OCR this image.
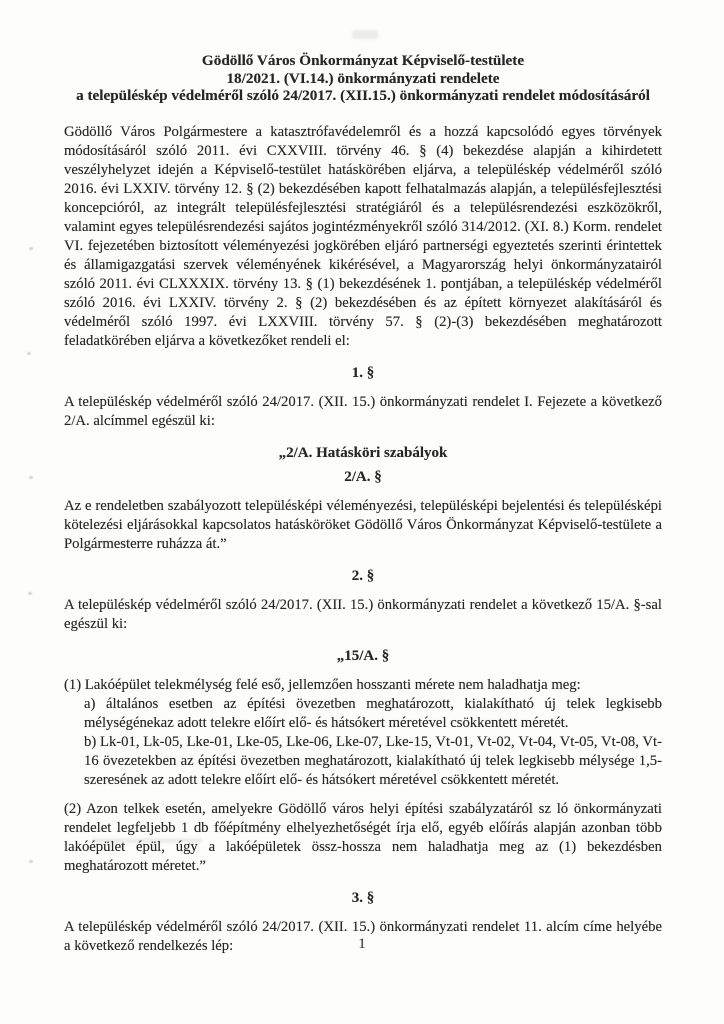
Gödöllő Város Önkormányzat Képviselő-testülete
18/2021. (VI.14.) önkormányzati rendelete
a településkép védelméről szóló 24/2017. (XII.15.) önkormányzati rendelet módosításáról

Gödöllő Város Polgármestere a katasztrófavédelemről és a hozzá kapcsolódó egyes törvények módosításáról szóló 2011. évi CXXVIII. törvény 46. § (4) bekezdése alapján a kihirdetett veszélyhelyzet idején a Képviselő-testület hatáskörében eljárva, a településkép védelméről szóló 2016. évi LXXIV. törvény 12. § (2) bekezdésében kapott felhatalmazás alapján, a településfejlesztési koncepcióról, az integrált településfejlesztési stratégiáról és a településrendezési eszközökről, valamint egyes településrendezési sajátos jogintézményekről szóló 314/2012. (XI. 8.) Korm. rendelet VI. fejezetében biztosított véleményezési jogkörében eljáró partnerségi egyeztetés szerinti érintettek és államigazgatási szervek véleményének kikérésével, a Magyarország helyi önkormányzatairól szóló 2011. évi CLXXXIX. törvény 13. § (1) bekezdésének 1. pontjában, a településkép védelméről szóló 2016. évi LXXIV. törvény 2. § (2) bekezdésében és az épített környezet alakításáról és védelméről szóló 1997. évi LXXVIII. törvény 57. § (2)-(3) bekezdésében meghatározott feladatkörében eljárva a következőket rendeli el:

1. §

A településkép védelméről szóló 24/2017. (XII. 15.) önkormányzati rendelet I. Fejezete a következő 2/A. alcímmel egészül ki:

„2/A. Hatásköri szabályok
2/A. §

Az e rendeletben szabályozott településképi véleményezési, településképi bejelentési és településképi kötelezési eljárásokkal kapcsolatos hatásköröket Gödöllő Város Önkormányzat Képviselő-testülete a Polgármesterre ruházza át.”

2. §

A településkép védelméről szóló 24/2017. (XII. 15.) önkormányzati rendelet a következő 15/A. §-sal egészül ki:

„15/A. §

(1) Lakóépület telekmélység felé eső, jellemzően hosszanti mérete nem haladhatja meg:

a) általános esetben az építési övezetben meghatározott, kialakítható új telek legkisebb mélységénekaz adott telekre előírt elő- és hátsókert méretével csökkentett méretét.

b) Lk-01, Lk-05, Lke-01, Lke-05, Lke-06, Lke-07, Lke-15, Vt-01, Vt-02, Vt-04, Vt-05, Vt-08, Vt-16 övezetekben az építési övezetben meghatározott, kialakítható új telek legkisebb mélysége 1,5-szeresének az adott telekre előírt elő- és hátsókert méretével csökkentett méretét.

(2) Azon telkek esetén, amelyekre Gödöllő város helyi építési szabályzatáról sz ló önkormányzati rendelet legfeljebb 1 db főépítmény elhelyezhetőségét írja elő, egyéb előírás alapján azonban több lakóépület épül, úgy a lakóépületek össz-hossza nem haladhatja meg az (1) bekezdésben meghatározott méretet.”

3. §

A településkép védelméről szóló 24/2017. (XII. 15.) önkormányzati rendelet 11. alcím címe helyébe a következő rendelkezés lép:	1
